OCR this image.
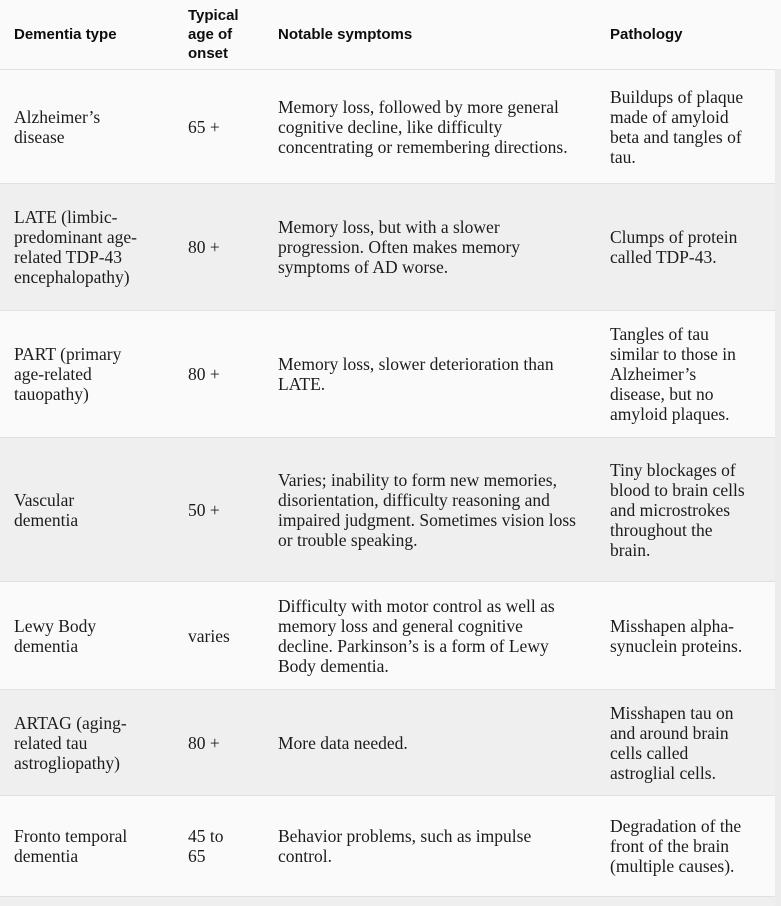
Dementia type	Typical age of onset	Notable symptoms	Pathology
Alzheimer’s disease	65 +	Memory loss, followed by more general cognitive decline, like difficulty concentrating or remembering directions.	Buildups of plaque made of amyloid beta and tangles of tau.
LATE (limbic-predominant age-related TDP-43 encephalopathy)	80 +	Memory loss, but with a slower progression. Often makes memory symptoms of AD worse.	Clumps of protein called TDP-43.
PART (primary age-related tauopathy)	80 +	Memory loss, slower deterioration than LATE.	Tangles of tau similar to those in Alzheimer’s disease, but no amyloid plaques.
Vascular dementia	50 +	Varies; inability to form new memories, disorientation, difficulty reasoning and impaired judgment. Sometimes vision loss or trouble speaking.	Tiny blockages of blood to brain cells and microstrokes throughout the brain.
Lewy Body dementia	varies	Difficulty with motor control as well as memory loss and general cognitive decline. Parkinson’s is a form of Lewy Body dementia.	Misshapen alpha-synuclein proteins.
ARTAG (aging-related tau astrogliopathy)	80 +	More data needed.	Misshapen tau on and around brain cells called astroglial cells.
Fronto temporal dementia	45 to 65	Behavior problems, such as impulse control.	Degradation of the front of the brain (multiple causes).
